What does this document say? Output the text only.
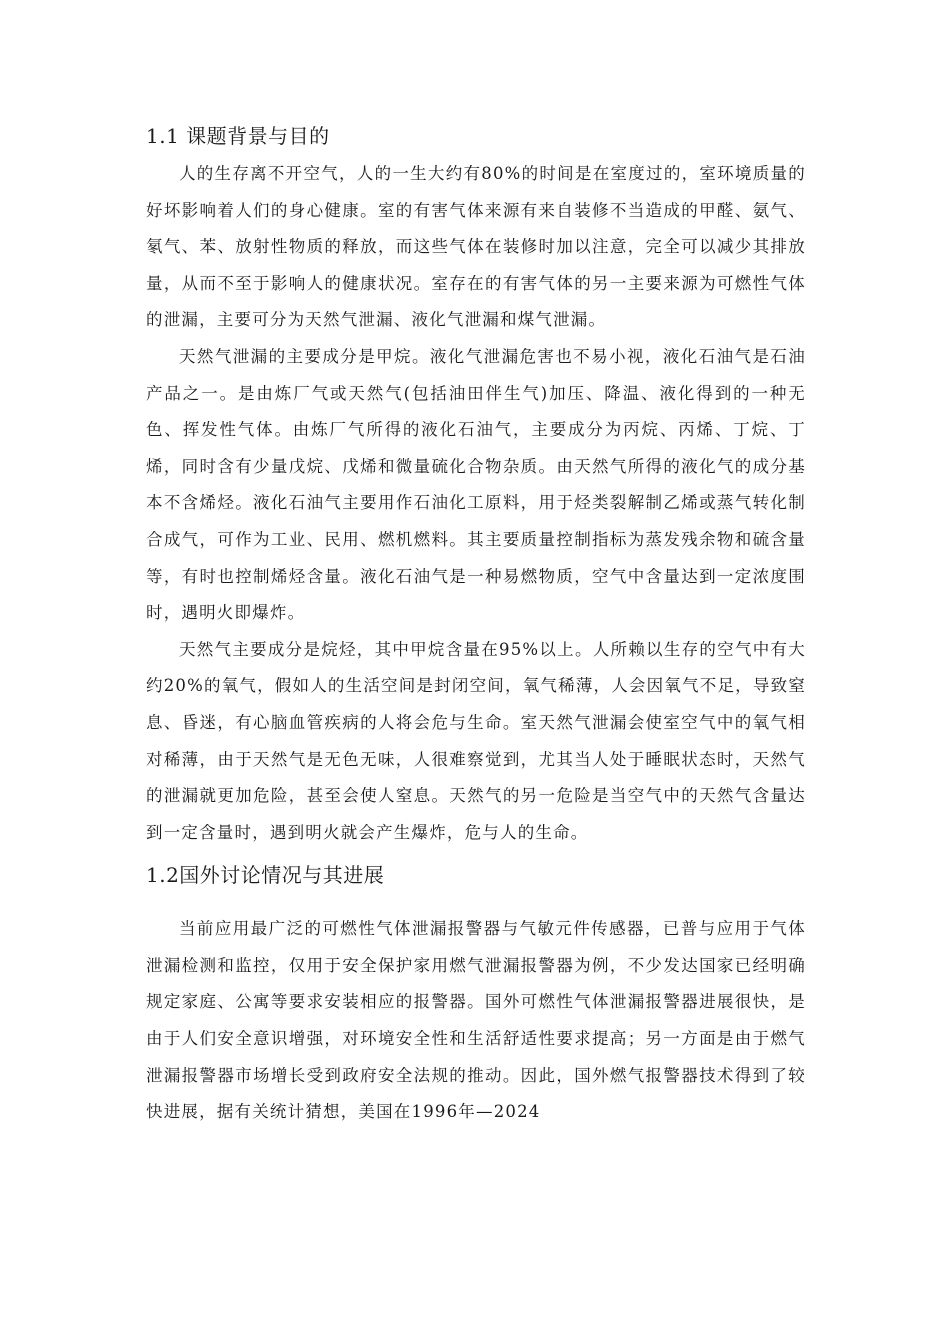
1.1 课题背景与目的

人的生存离不开空气，人的一生大约有80%的时间是在室度过的，室环境质量的好坏影响着人们的身心健康。室的有害气体来源有来自装修不当造成的甲醛、氨气、氡气、苯、放射性物质的释放，而这些气体在装修时加以注意，完全可以减少其排放量，从而不至于影响人的健康状况。室存在的有害气体的另一主要来源为可燃性气体的泄漏，主要可分为天然气泄漏、液化气泄漏和煤气泄漏。

天然气泄漏的主要成分是甲烷。液化气泄漏危害也不易小视，液化石油气是石油产品之一。是由炼厂气或天然气(包括油田伴生气)加压、降温、液化得到的一种无色、挥发性气体。由炼厂气所得的液化石油气，主要成分为丙烷、丙烯、丁烷、丁烯，同时含有少量戊烷、戊烯和微量硫化合物杂质。由天然气所得的液化气的成分基本不含烯烃。液化石油气主要用作石油化工原料，用于烃类裂解制乙烯或蒸气转化制合成气，可作为工业、民用、燃机燃料。其主要质量控制指标为蒸发残余物和硫含量等，有时也控制烯烃含量。液化石油气是一种易燃物质，空气中含量达到一定浓度围时，遇明火即爆炸。

天然气主要成分是烷烃，其中甲烷含量在95%以上。人所赖以生存的空气中有大约20%的氧气，假如人的生活空间是封闭空间，氧气稀薄，人会因氧气不足，导致窒息、昏迷，有心脑血管疾病的人将会危与生命。室天然气泄漏会使室空气中的氧气相对稀薄，由于天然气是无色无味，人很难察觉到，尤其当人处于睡眠状态时，天然气的泄漏就更加危险，甚至会使人窒息。天然气的另一危险是当空气中的天然气含量达到一定含量时，遇到明火就会产生爆炸，危与人的生命。

1.2国外讨论情况与其进展

当前应用最广泛的可燃性气体泄漏报警器与气敏元件传感器，已普与应用于气体泄漏检测和监控，仅用于安全保护家用燃气泄漏报警器为例，不少发达国家已经明确规定家庭、公寓等要求安装相应的报警器。国外可燃性气体泄漏报警器进展很快，是由于人们安全意识增强，对环境安全性和生活舒适性要求提高；另一方面是由于燃气泄漏报警器市场增长受到政府安全法规的推动。因此，国外燃气报警器技术得到了较快进展，据有关统计猜想，美国在1996年—2024
